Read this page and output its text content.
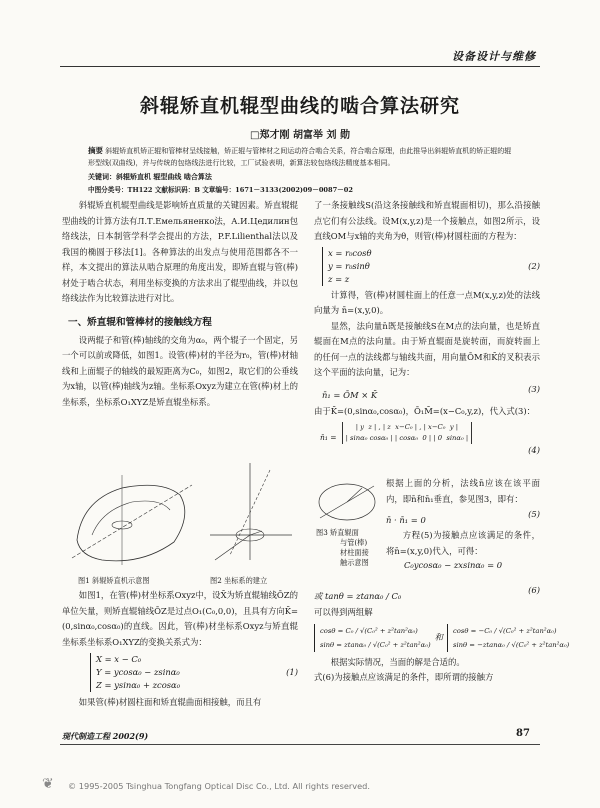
设备设计与维修
斜辊矫直机辊型曲线的啮合算法研究
□郑才刚 胡富举 刘 勋
摘要 斜辊矫直机矫正辊和管棒材呈线接触，矫正辊与管棒材之间运动符合啮合关系，符合啮合原理，由此推导出斜辊矫直机的矫正辊的辊形型线(双曲线)，并与传统的包络线法进行比较，工厂试验表明，新算法较包络线法精度基本相同。
关键词：斜辊矫直机 辊型曲线 啮合算法
中图分类号：TH122 文献标识码：B 文章编号：1671－3133(2002)09－0087－02

斜辊矫直机辊型曲线是影响矫直质量的关键因素。矫直辊辊型曲线的计算方法有Л.Т.Емельяненко法，А.И.Цедилин包络线法，日本制管学科学会提出的方法，P.F.Lilienthal法以及我国的椭圆于移法[1]。各种算法的出发点与使用范围都各不一样，本文提出的算法从啮合原理的角度出发，即矫直辊与管(棒)材处于啮合状态，利用坐标变换的方法求出了辊型曲线，并以包络线法作为比较算法进行对比。

一、矫直辊和管棒材的接触线方程

设两辊子和管(棒)轴线的交角为α₀，两个辊子一个固定，另一个可以前或降低，如图1。设管(棒)材的半径为r₀，管(棒)材轴线和上面辊子的轴线的最短距离为C₀，如图2，取它们的公垂线为x轴，以管(棒)轴线为z轴。坐标系Oxyz为建立在管(棒)材上的坐标系，坐标系O₁XYZ是矫直辊坐标系。

图1 斜辊矫直机示意图	图2 坐标系的建立

如图1，在管(棒)材坐标系Oxyz中，设X̄为矫直辊轴线ŌZ的单位矢量，则矫直辊轴线ŌZ是过点O₁(C₀,0,0)，且具有方向K̄=(0,sinα₀,cosα₀)的直线。因此，管(棒)材坐标系Oxyz与矫直辊坐标系坐标系O₁XYZ的变换关系式为：

X = x − C₀
Y = ycosα₀ − zsinα₀
Z = ysinα₀ + zcosα₀
(1)

如果管(棒)材圆柱面和矫直辊曲面相接触，而且有

了一条接触线S(沿这条接触线和矫直辊面相切)，那么沿接触点它们有公法线。设M(x,y,z)是一个接触点，如图2所示，设直线OM与x轴的夹角为θ，则管(棒)材圆柱面的方程为：

x = r₀cosθ
y = r₀sinθ
z = z
(2)

计算得，管(棒)材圆柱面上的任意一点M(x,y,z)处的法线向量为 n̄=(x,y,0)。

显然，法向量n̄既是接触线S在M点的法向量，也是矫直辊面在M点的法向量。由于矫直辊面是旋转面，而旋转面上的任何一点的法线都与轴线共面，用向量ŌM和K̄的叉积表示这个平面的法向量，记为：

n̄₁ = ŌM × K̄
(3)

由于K̄=(0,sinα₀,cosα₀)，Ō₁M̄=(x−C₀,y,z)，代入式(3)：

n̄₁ = | y  z | , | z  x−C₀ | , | x−C₀  y |
| sinα₀ cosα₀ | | cosα₀  0 | | 0  sinα₀ |
(4)
图3 矫直辊面
与管(棒)
材柱面接
触示意图

根据上面的分析，法线n̄应该在该平面内，即n̄和n̄₁垂直，参见图3，即有：

n̄ · n̄₁ = 0
(5)

方程(5)为接触点应该满足的条件，将n̄=(x,y,0)代入，可得：

C₀ycosα₀ − zxsinα₀ = 0
或 tanθ = ztanα₀ / C₀
(6)

可以得到两组解

cosθ = C₀ / √(C₀² + z²tan²α₀)
sinθ = ztanα₀ / √(C₀² + z²tan²α₀)
和
cosθ = −C₀ / √(C₀² + z²tan²α₀)
sinθ = −ztanα₀ / √(C₀² + z²tan²α₀)

根据实际情况，当面的解是合适的。

式(6)为接触点应该满足的条件，即所谓的接触方

现代制造工程 2002(9)	87
❦ © 1995-2005 Tsinghua Tongfang Optical Disc Co., Ltd. All rights reserved.
